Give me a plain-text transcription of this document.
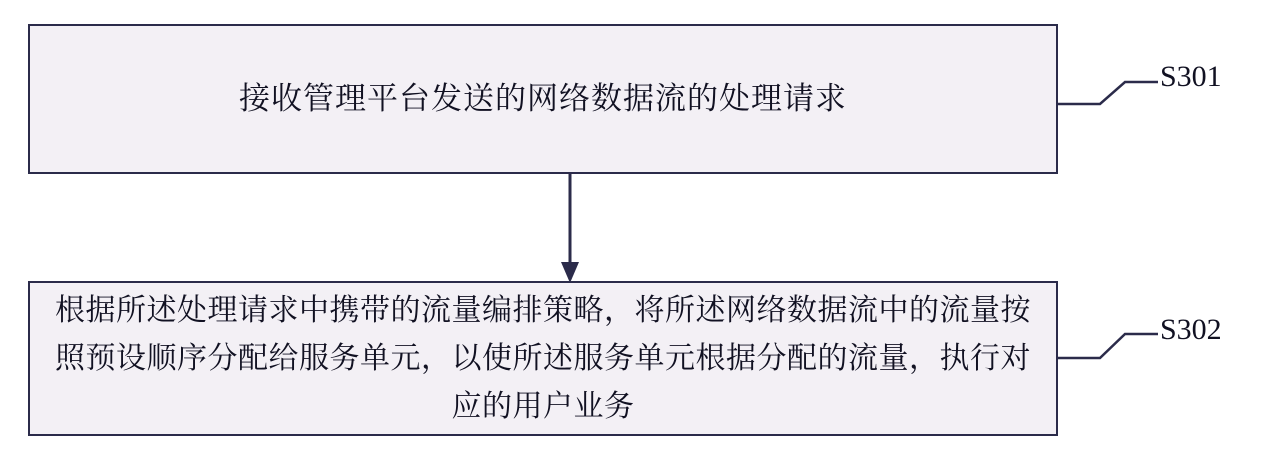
接收管理平台发送的网络数据流的处理请求
根据所述处理请求中携带的流量编排策略，将所述网络数据流中的流量按照预设顺序分配给服务单元，以使所述服务单元根据分配的流量，执行对应的用户业务
S301
S302
